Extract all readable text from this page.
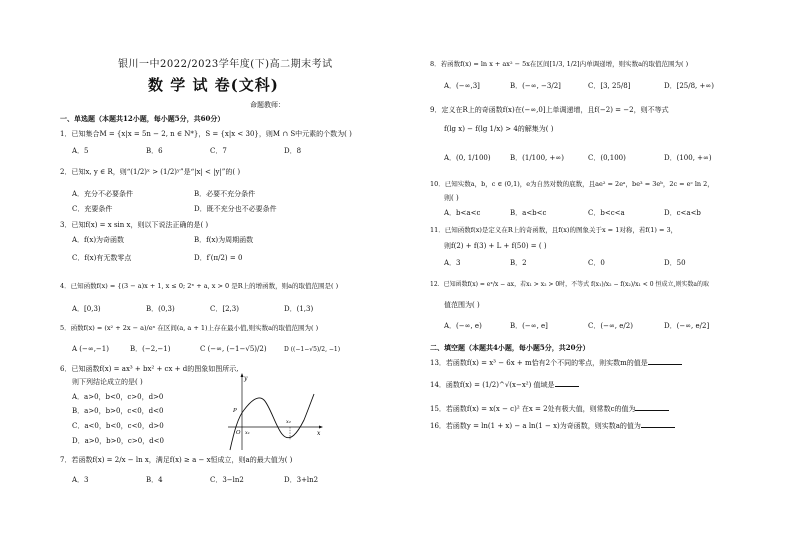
银川一中2022/2023学年度(下)高二期末考试
数 学 试 卷(文科)
命题教师：
一、单选题（本题共12小题，每小题5分，共60分）
1．已知集合M = {x|x = 5n − 2, n ∈ N*}，S = {x|x < 30}，则M ∩ S中元素的个数为( )
A．5	B．6	C．7	D．8
2．已知x, y ∈ R，则“(1/2)ˣ > (1/2)ʸ”是“|x| < |y|”的( )
A．充分不必要条件	B．必要不充分条件
C．充要条件	D．既不充分也不必要条件
3．已知f(x) = x sin x，则以下说法正确的是( )
A．f(x)为奇函数	B．f(x)为周期函数
C．f(x)有无数零点	D．f′(π/2) = 0
4．已知函数f(x) = {(3 − a)x + 1, x ≤ 0; 2ˣ + a, x > 0 是R上的增函数，则a的取值范围是( )
A．[0,3)	B．(0,3)	C．[2,3)	D．(1,3)
5．函数f(x) = (x² + 2x − a)/eˣ 在区间(a, a + 1)上存在最小值,则实数a的取值范围为( )
A (−∞,−1)	B．(−2,−1)	C (−∞, (−1−√5)/2)	D ((−1−√5)/2, −1)
6．已知函数f(x) = ax³ + bx² + cx + d的图象如图所示,
则下列结论成立的是( )
A．a>0，b<0，c>0，d>0
B．a>0，b>0，c<0，d<0
C．a<0，b<0，c<0，d>0
D．a>0，b>0，c>0，d<0
y
x
O x₁
x₂
P
7．若函数f(x) = 2/x − ln x，满足f(x) ≥ a − x恒成立，则a的最大值为( )
A．3	B．4	C．3−ln2	D．3+ln2
8．若函数f(x) = ln x + ax² − 5x在区间[1/3, 1/2]内单调递增，则实数a的取值范围为( )
A．(−∞,3]	B．(−∞, −3/2]	C．[3, 25/8]	D．[25/8, +∞)
9．定义在R上的奇函数f(x)在(−∞,0]上单调递增，且f(−2) = −2，则不等式
f(lg x) − f(lg 1/x) > 4的解集为( )
A．(0, 1/100)	B．(1/100, +∞)	C．(0,100)	D．(100, +∞)
10．已知实数a，b，c ∈ (0,1)，e为自然对数的底数，且ae² = 2eᵃ，be³ = 3eᵇ，2c = eᶜ ln 2，
则( )
A．b<a<c	B．a<b<c	C．b<c<a	D．c<a<b
11．已知函数f(x)是定义在R上的奇函数，且f(x)的图象关于x = 1对称，若f(1) = 3，
则f(2) + f(3) + L + f(50) = ( )
A．3	B．2	C．0	D．50
12．已知函数f(x) = eˣ/x − ax，若x₁ > x₂ > 0时，不等式 f(x₁)/x₂ − f(x₂)/x₁ < 0 恒成立,则实数a的取
值范围为( )
A．(−∞, e)	B．(−∞, e]	C．(−∞, e/2)	D．(−∞, e/2]
二、填空题（本题共4小题，每小题5分，共20分）
13．若函数f(x) = x³ − 6x + m恰有2个不同的零点，则实数m的值是
14．函数f(x) = (1/2)^√(x−x²) 值域是
15．若函数f(x) = x(x − c)² 在x = 2处有极大值，则常数c的值为
16．若函数y = ln(1 + x) − a ln(1 − x)为奇函数，则实数a的值为
